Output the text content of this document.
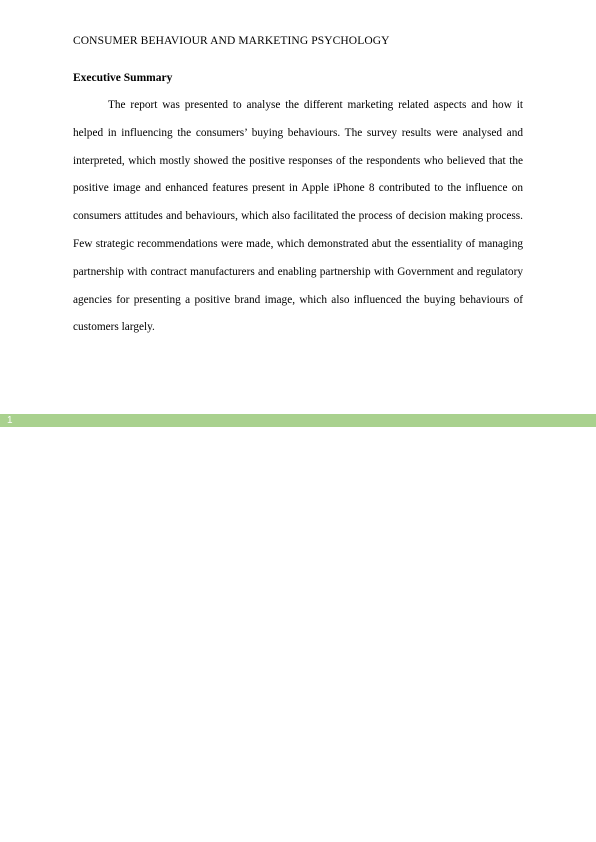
CONSUMER BEHAVIOUR AND MARKETING PSYCHOLOGY
Executive Summary

The report was presented to analyse the different marketing related aspects and how it helped in influencing the consumers’ buying behaviours. The survey results were analysed and interpreted, which mostly showed the positive responses of the respondents who believed that the positive image and enhanced features present in Apple iPhone 8 contributed to the influence on consumers attitudes and behaviours, which also facilitated the process of decision making process. Few strategic recommendations were made, which demonstrated abut the essentiality of managing partnership with contract manufacturers and enabling partnership with Government and regulatory agencies for presenting a positive brand image, which also influenced the buying behaviours of customers largely.

1
